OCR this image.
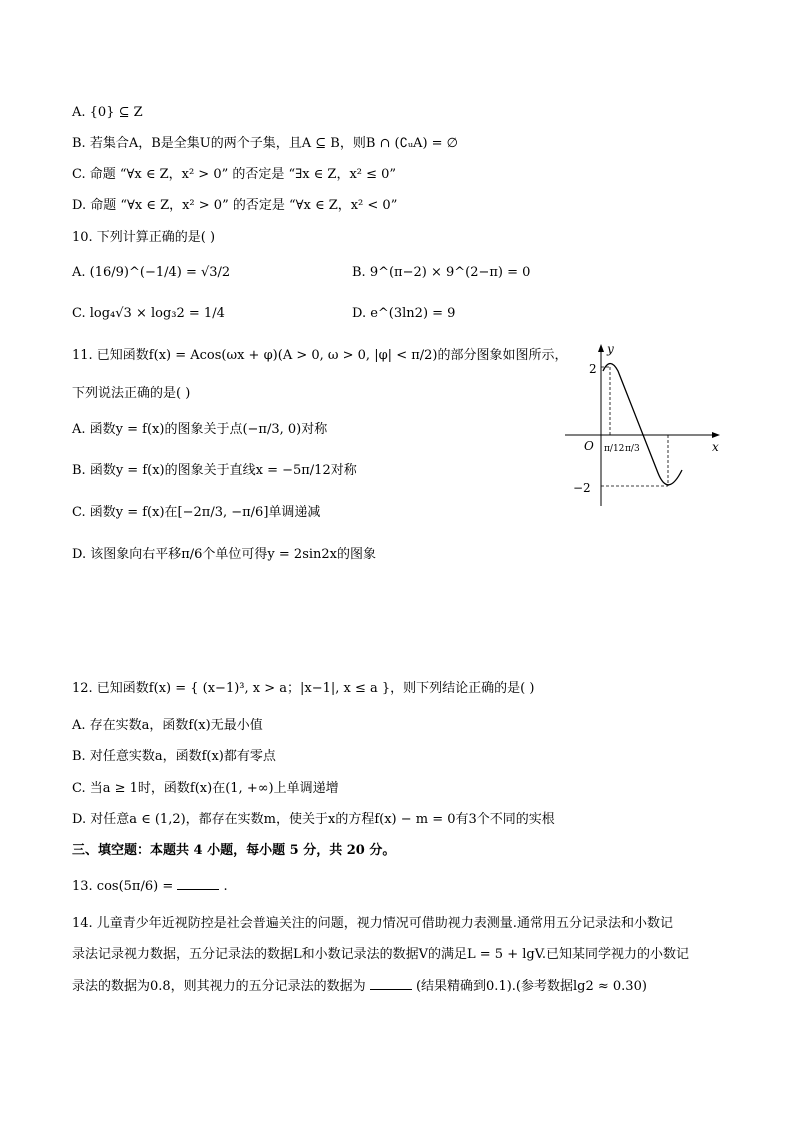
A. {0} ⊆ Z
B. 若集合A，B是全集U的两个子集，且A ⊆ B，则B ∩ (∁ᵤA) = ∅
C. 命题 “∀x ∈ Z，x² > 0” 的否定是 “∃x ∈ Z，x² ≤ 0”
D. 命题 “∀x ∈ Z，x² > 0” 的否定是 “∀x ∈ Z，x² < 0”
10. 下列计算正确的是( )
A. (16/9)^(−1/4) = √3/2	B. 9^(π−2) × 9^(2−π) = 0
C. log₄√3 × log₃2 = 1/4	D. e^(3ln2) = 9
11. 已知函数f(x) = Acos(ωx + φ)(A > 0, ω > 0, |φ| < π/2)的部分图象如图所示，
下列说法正确的是( )
A. 函数y = f(x)的图象关于点(−π/3, 0)对称
B. 函数y = f(x)的图象关于直线x = −5π/12对称
C. 函数y = f(x)在[−2π/3, −π/6]单调递减
D. 该图象向右平移π/6个单位可得y = 2sin2x的图象
y
x
O
2
−2
π/12 π/3
12. 已知函数f(x) = { (x−1)³, x > a；|x−1|, x ≤ a }，则下列结论正确的是( )
A. 存在实数a，函数f(x)无最小值
B. 对任意实数a，函数f(x)都有零点
C. 当a ≥ 1时，函数f(x)在(1, +∞)上单调递增
D. 对任意a ∈ (1,2)，都存在实数m，使关于x的方程f(x) − m = 0有3个不同的实根
三、填空题：本题共 4 小题，每小题 5 分，共 20 分。
13. cos(5π/6) =	.
14. 儿童青少年近视防控是社会普遍关注的问题，视力情况可借助视力表测量.通常用五分记录法和小数记
录法记录视力数据，五分记录法的数据L和小数记录法的数据V的满足L = 5 + lgV.已知某同学视力的小数记
录法的数据为0.8，则其视力的五分记录法的数据为	(结果精确到0.1).(参考数据lg2 ≈ 0.30)
